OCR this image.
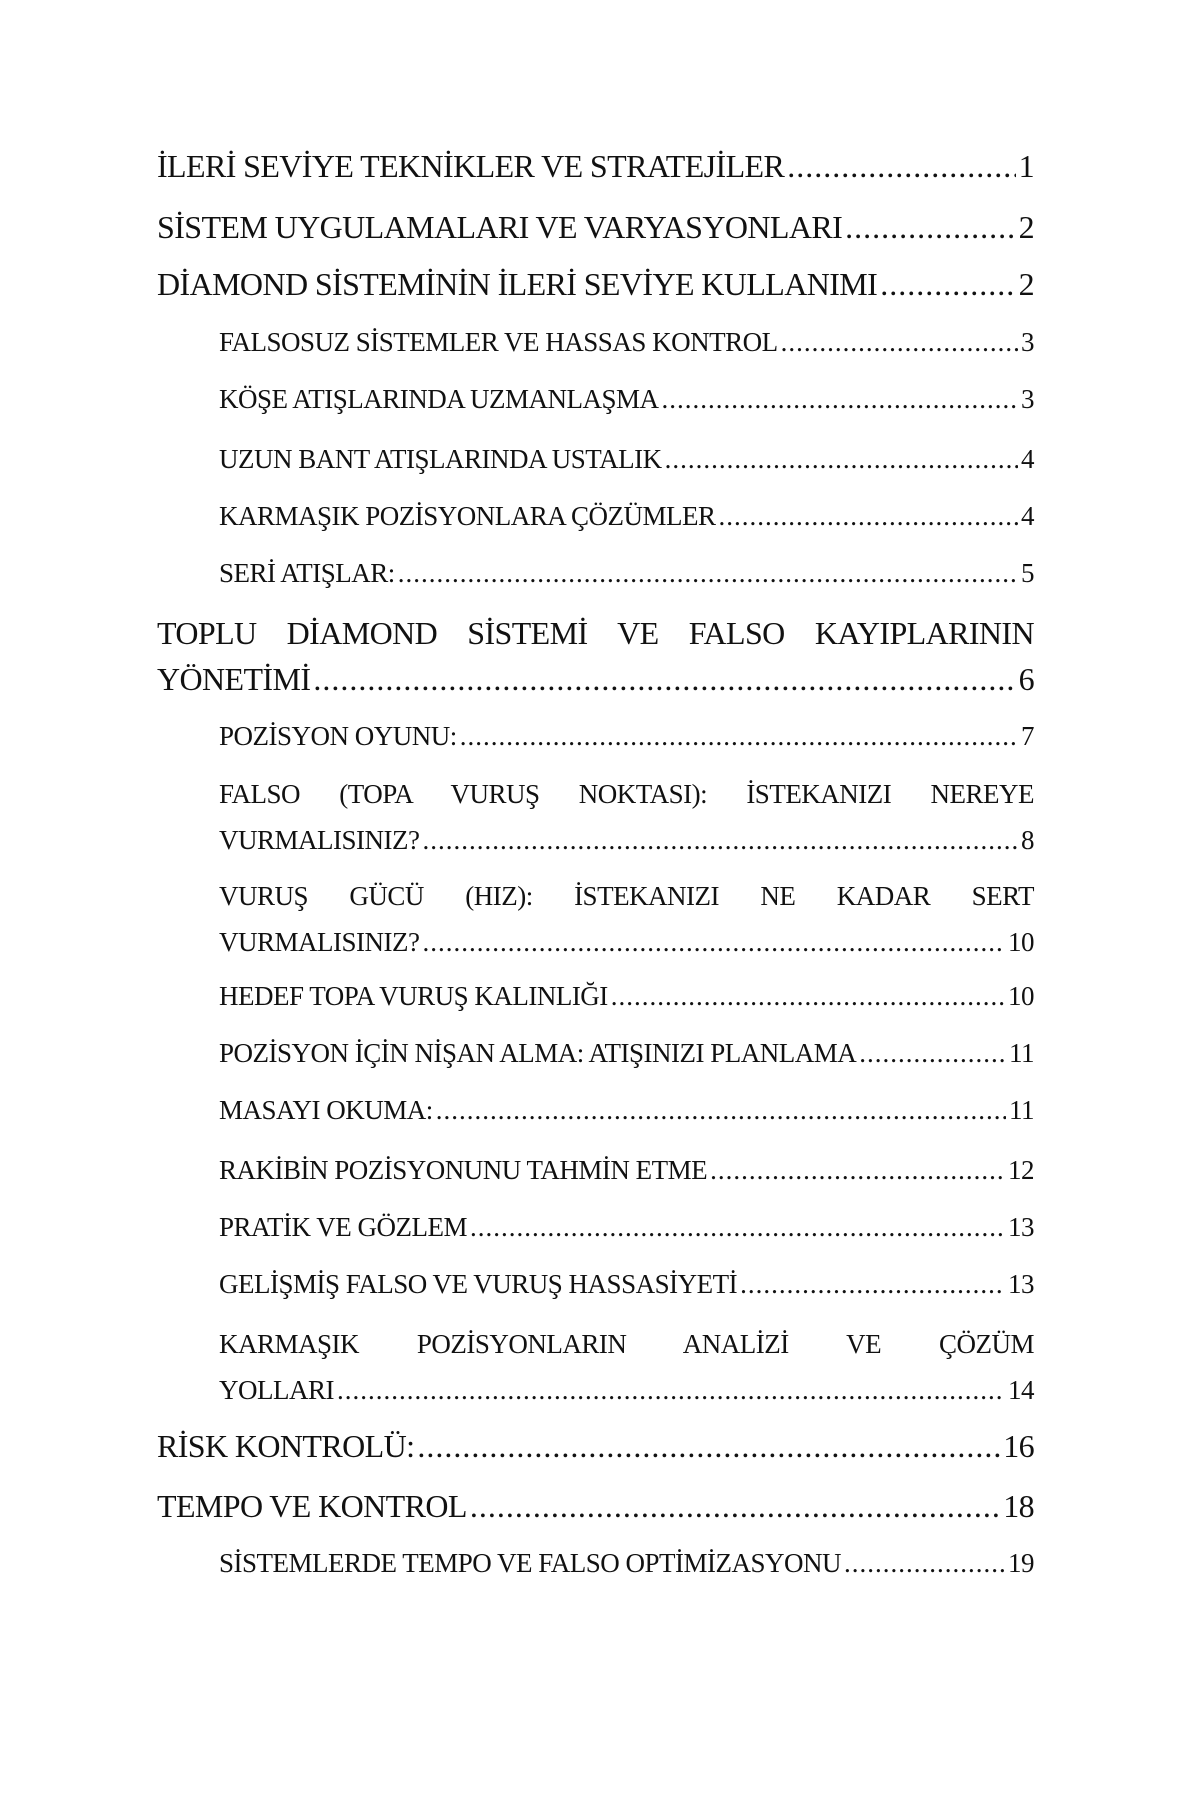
İLERİ SEVİYE TEKNİKLER VE STRATEJİLER .....	1
SİSTEM UYGULAMALARI VE VARYASYONLARI .....	2
DİAMOND SİSTEMİNİN İLERİ SEVİYE KULLANIMI .....	2
FALSOSUZ SİSTEMLER VE HASSAS KONTROL .....	3
KÖŞE ATIŞLARINDA UZMANLAŞMA .....	3
UZUN BANT ATIŞLARINDA USTALIK .....	4
KARMAŞIK POZİSYONLARA ÇÖZÜMLER .....	4
SERİ ATIŞLAR: .....	5
TOPLU DİAMOND SİSTEMİ VE FALSO KAYIPLARININ
YÖNETİMİ .....	6
POZİSYON OYUNU: .....	7
FALSO (TOPA VURUŞ NOKTASI): İSTEKANIZI NEREYE
VURMALISINIZ? .....	8
VURUŞ GÜCÜ (HIZ): İSTEKANIZI NE KADAR SERT
VURMALISINIZ? .....	10
HEDEF TOPA VURUŞ KALINLIĞI .....	10
POZİSYON İÇİN NİŞAN ALMA: ATIŞINIZI PLANLAMA .....	11
MASAYI OKUMA: .....	11
RAKİBİN POZİSYONUNU TAHMİN ETME .....	12
PRATİK VE GÖZLEM .....	13
GELİŞMİŞ FALSO VE VURUŞ HASSASİYETİ .....	13
KARMAŞIK POZİSYONLARIN ANALİZİ VE ÇÖZÜM
YOLLARI .....	14
RİSK KONTROLÜ: .....	16
TEMPO VE KONTROL .....	18
SİSTEMLERDE TEMPO VE FALSO OPTİMİZASYONU .....	19
